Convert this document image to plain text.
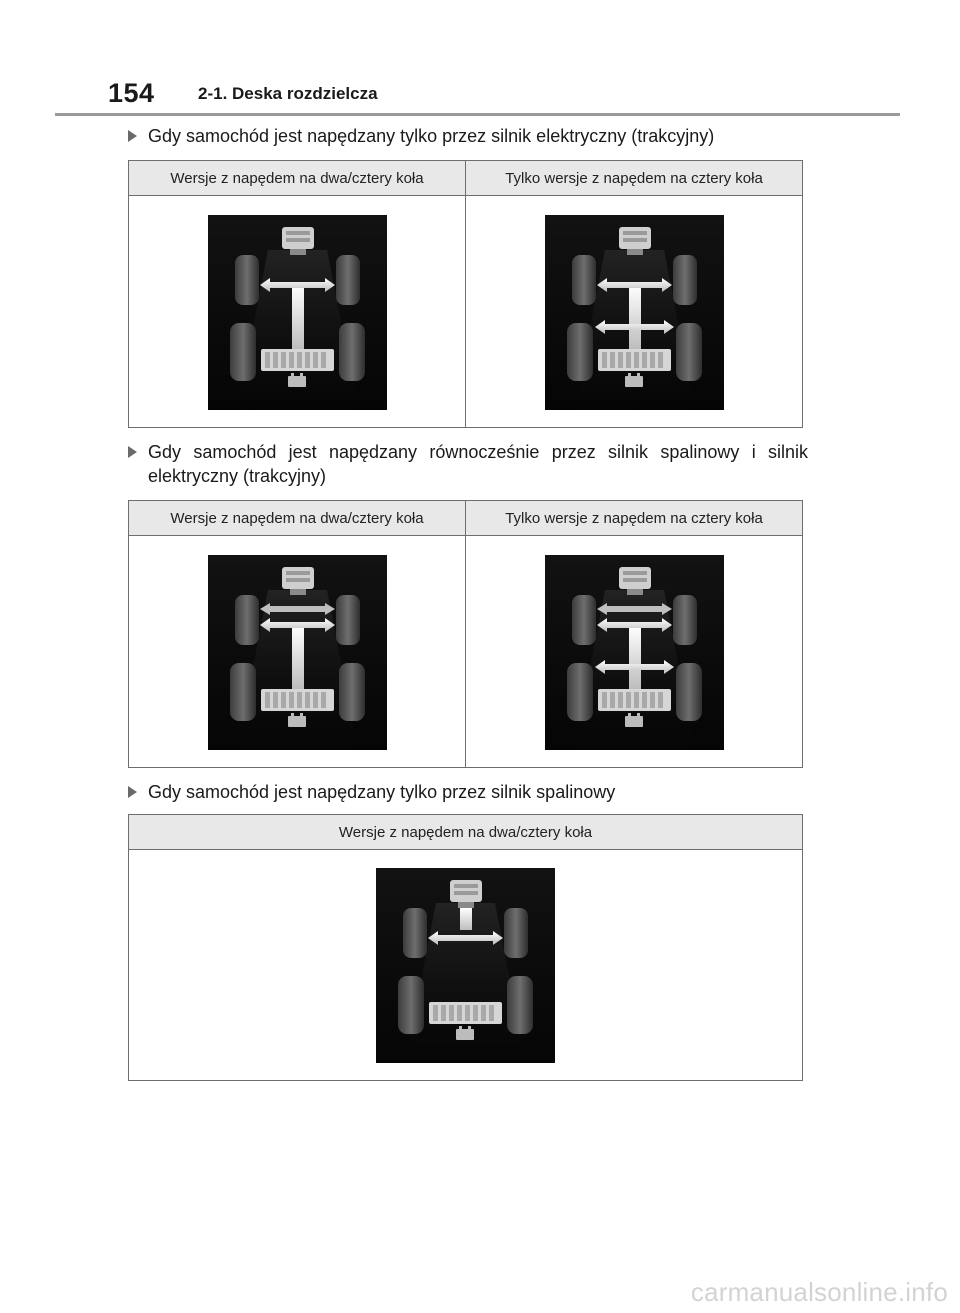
154	2-1. Deska rozdzielcza
Gdy samochód jest napędzany tylko przez silnik elektryczny (trakcyjny)
Wersje z napędem na dwa/cztery koła	Tylko wersje z napędem na cztery koła
Gdy samochód jest napędzany równocześnie przez silnik spalinowy i silnik elektryczny (trakcyjny)
Wersje z napędem na dwa/cztery koła	Tylko wersje z napędem na cztery koła
Gdy samochód jest napędzany tylko przez silnik spalinowy
Wersje z napędem na dwa/cztery koła
carmanualsonline.info
